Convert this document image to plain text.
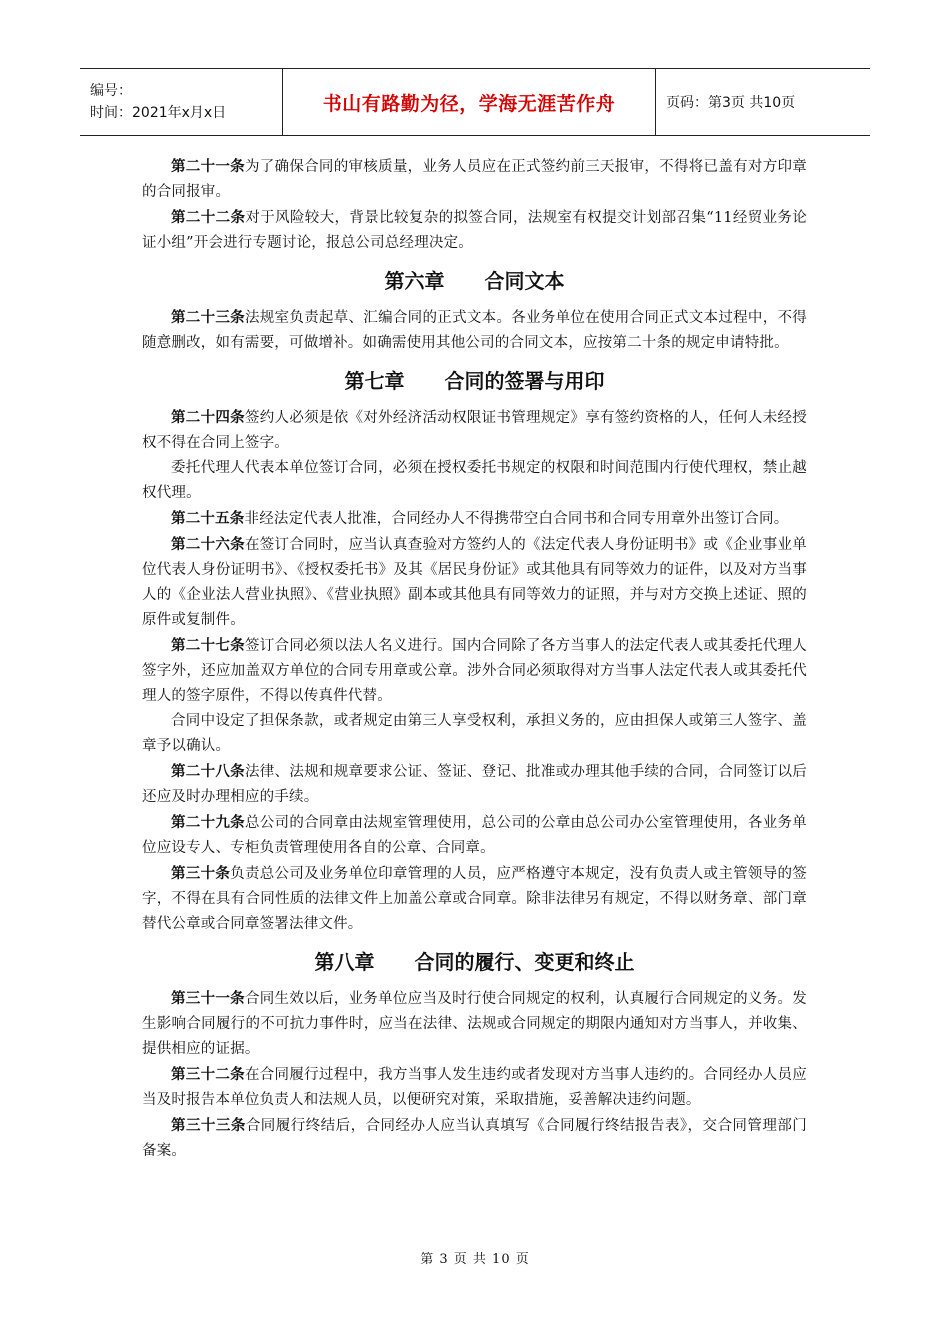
编号：
时间：2021年x月x日	书山有路勤为径，学海无涯苦作舟	页码：第3页 共10页

第二十一条为了确保合同的审核质量，业务人员应在正式签约前三天报审，不得将已盖有对方印章的合同报审。

第二十二条对于风险较大，背景比较复杂的拟签合同，法规室有权提交计划部召集“11经贸业务论证小组”开会进行专题讨论，报总公司总经理决定。

第六章 合同文本

第二十三条法规室负责起草、汇编合同的正式文本。各业务单位在使用合同正式文本过程中，不得随意删改，如有需要，可做增补。如确需使用其他公司的合同文本，应按第二十条的规定申请特批。

第七章 合同的签署与用印

第二十四条签约人必须是依《对外经济活动权限证书管理规定》享有签约资格的人，任何人未经授权不得在合同上签字。

委托代理人代表本单位签订合同，必须在授权委托书规定的权限和时间范围内行使代理权，禁止越权代理。

第二十五条非经法定代表人批准，合同经办人不得携带空白合同书和合同专用章外出签订合同。

第二十六条在签订合同时，应当认真查验对方签约人的《法定代表人身份证明书》或《企业事业单位代表人身份证明书》、《授权委托书》及其《居民身份证》或其他具有同等效力的证件，以及对方当事人的《企业法人营业执照》、《营业执照》副本或其他具有同等效力的证照，并与对方交换上述证、照的原件或复制件。

第二十七条签订合同必须以法人名义进行。国内合同除了各方当事人的法定代表人或其委托代理人签字外，还应加盖双方单位的合同专用章或公章。涉外合同必须取得对方当事人法定代表人或其委托代理人的签字原件，不得以传真件代替。

合同中设定了担保条款，或者规定由第三人享受权利，承担义务的，应由担保人或第三人签字、盖章予以确认。

第二十八条法律、法规和规章要求公证、签证、登记、批准或办理其他手续的合同，合同签订以后还应及时办理相应的手续。

第二十九条总公司的合同章由法规室管理使用，总公司的公章由总公司办公室管理使用，各业务单位应设专人、专柜负责管理使用各自的公章、合同章。

第三十条负责总公司及业务单位印章管理的人员，应严格遵守本规定，没有负责人或主管领导的签字，不得在具有合同性质的法律文件上加盖公章或合同章。除非法律另有规定，不得以财务章、部门章替代公章或合同章签署法律文件。

第八章 合同的履行、变更和终止

第三十一条合同生效以后，业务单位应当及时行使合同规定的权利，认真履行合同规定的义务。发生影响合同履行的不可抗力事件时，应当在法律、法规或合同规定的期限内通知对方当事人，并收集、提供相应的证据。

第三十二条在合同履行过程中，我方当事人发生违约或者发现对方当事人违约的。合同经办人员应当及时报告本单位负责人和法规人员，以便研究对策，采取措施，妥善解决违约问题。

第三十三条合同履行终结后，合同经办人应当认真填写《合同履行终结报告表》，交合同管理部门备案。

第 3 页 共 10 页
